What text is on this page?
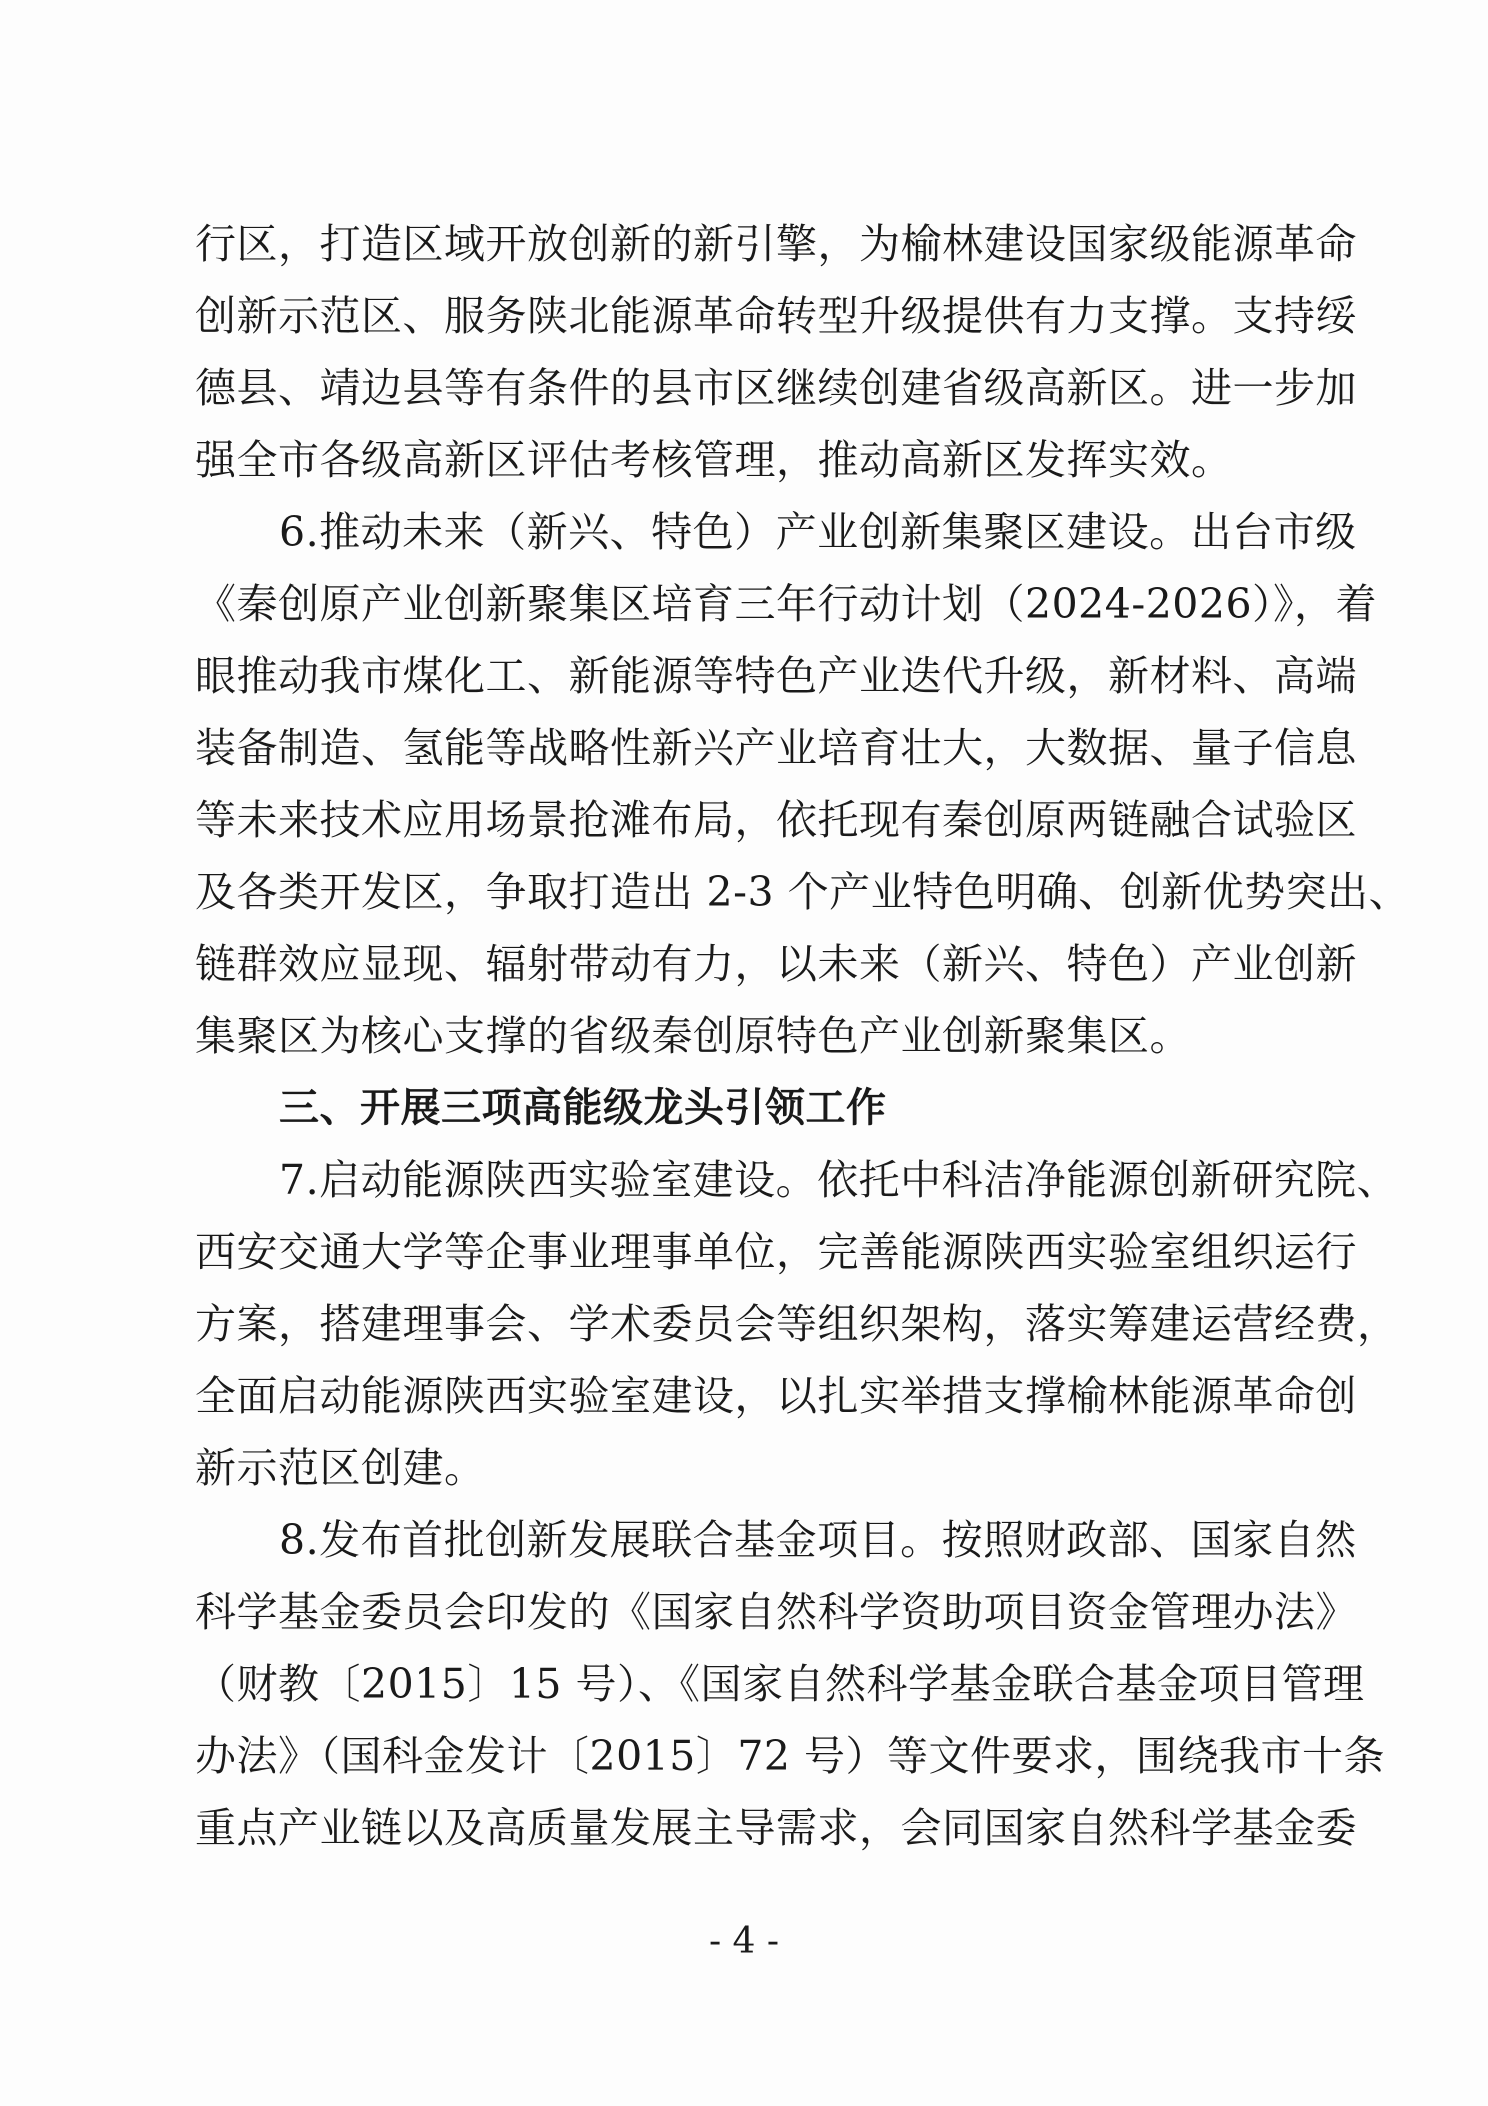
行区，打造区域开放创新的新引擎，为榆林建设国家级能源革命
创新示范区、服务陕北能源革命转型升级提供有力支撑。支持绥
德县、靖边县等有条件的县市区继续创建省级高新区。进一步加
强全市各级高新区评估考核管理，推动高新区发挥实效。
6.推动未来（新兴、特色）产业创新集聚区建设。出台市级
《秦创原产业创新聚集区培育三年行动计划（2024-2026）》，着
眼推动我市煤化工、新能源等特色产业迭代升级，新材料、高端
装备制造、氢能等战略性新兴产业培育壮大，大数据、量子信息
等未来技术应用场景抢滩布局，依托现有秦创原两链融合试验区
及各类开发区，争取打造出 2-3 个产业特色明确、创新优势突出、
链群效应显现、辐射带动有力，以未来（新兴、特色）产业创新
集聚区为核心支撑的省级秦创原特色产业创新聚集区。
三、开展三项高能级龙头引领工作
7.启动能源陕西实验室建设。依托中科洁净能源创新研究院、
西安交通大学等企事业理事单位，完善能源陕西实验室组织运行
方案，搭建理事会、学术委员会等组织架构，落实筹建运营经费，
全面启动能源陕西实验室建设，以扎实举措支撑榆林能源革命创
新示范区创建。
8.发布首批创新发展联合基金项目。按照财政部、国家自然
科学基金委员会印发的《国家自然科学资助项目资金管理办法》
（财教〔2015〕15 号）、《国家自然科学基金联合基金项目管理
办法》（国科金发计〔2015〕72 号）等文件要求，围绕我市十条
重点产业链以及高质量发展主导需求，会同国家自然科学基金委
- 4 -
